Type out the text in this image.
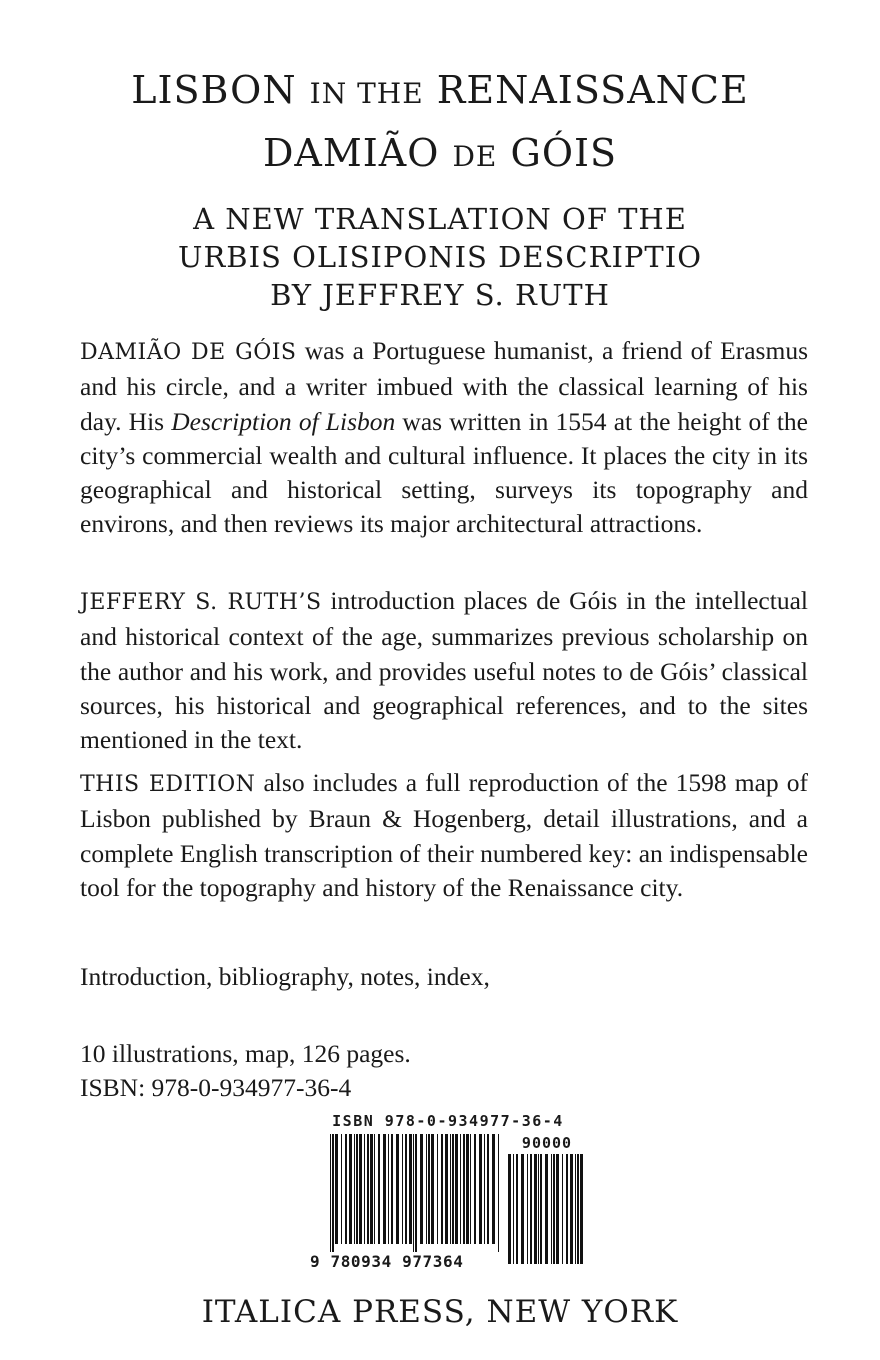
LISBON IN THE RENAISSANCE
DAMIÃO DE GÓIS
A NEW TRANSLATION OF THE
URBIS OLISIPONIS DESCRIPTIO
BY JEFFREY S. RUTH
DAMIÃO DE GÓIS was a Portuguese humanist, a friend of Erasmus and his circle, and a writer imbued with the classical learning of his day. His Description of Lisbon was written in 1554 at the height of the city’s commercial wealth and cultural influence. It places the city in its geographical and historical setting, surveys its topography and environs, and then reviews its major architectural attractions.
JEFFERY S. RUTH’S introduction places de Góis in the intellectual and historical context of the age, summarizes previous scholarship on the author and his work, and provides useful notes to de Góis’ classical sources, his historical and geographical references, and to the sites mentioned in the text.
THIS EDITION also includes a full reproduction of the 1598 map of Lisbon published by Braun & Hogenberg, detail illustrations, and a complete English transcription of their numbered key: an indispensable tool for the topography and history of the Renaissance city.
Introduction, bibliography, notes, index,
10 illustrations, map, 126 pages.
ISBN: 978-0-934977-36-4
ISBN 978-0-934977-36-4
90000
9 780934 977364
ITALICA PRESS, NEW YORK
